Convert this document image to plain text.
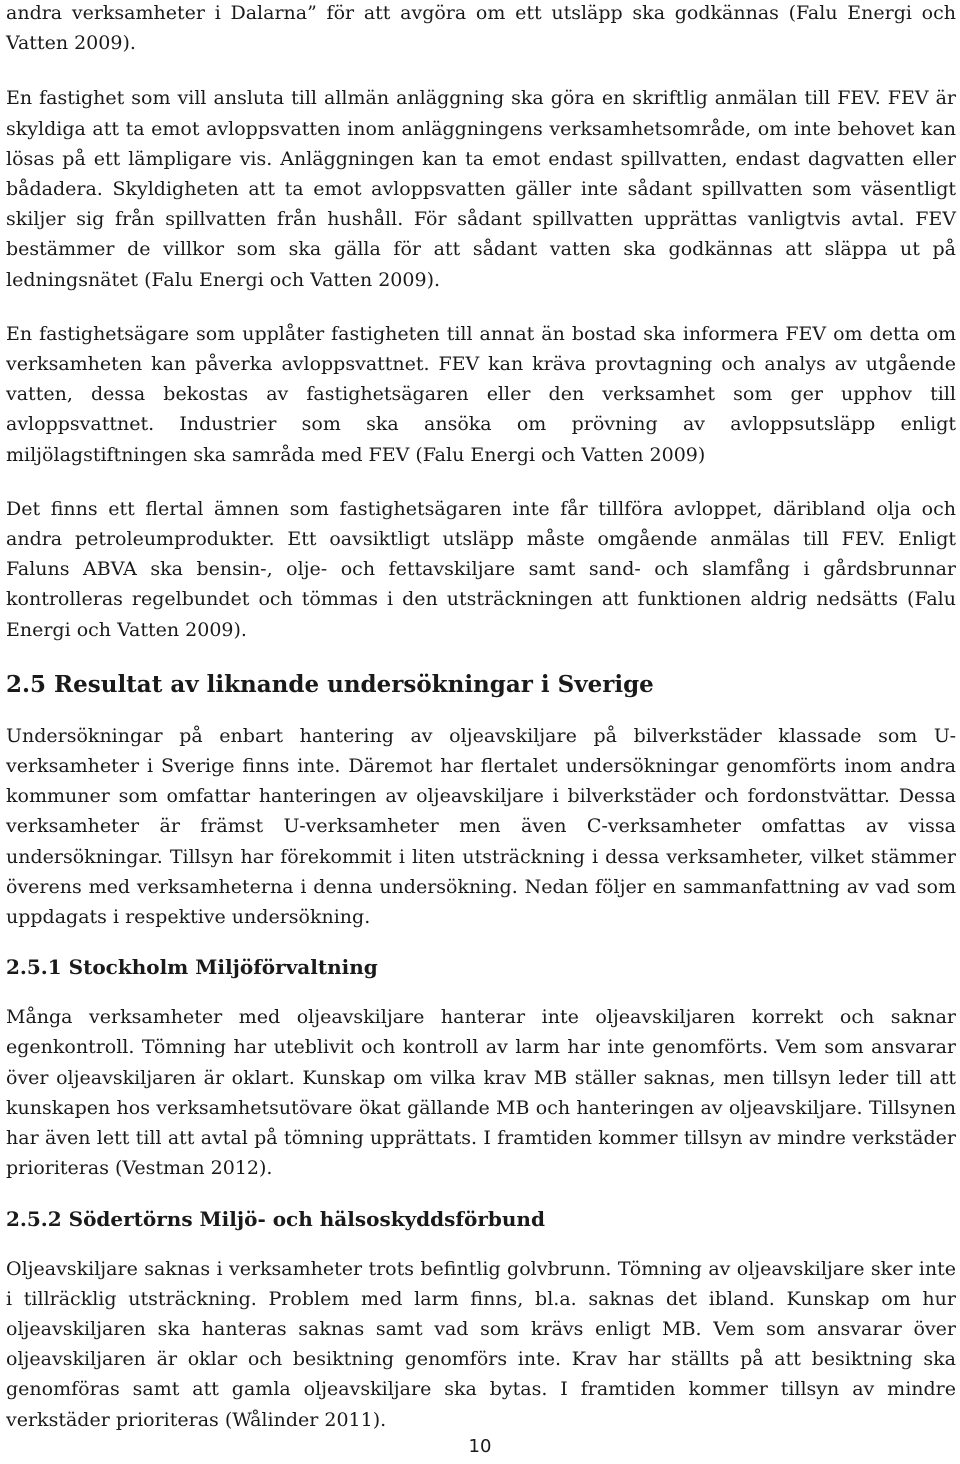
andra verksamheter i Dalarna” för att avgöra om ett utsläpp ska godkännas (Falu Energi och Vatten 2009).

En fastighet som vill ansluta till allmän anläggning ska göra en skriftlig anmälan till FEV. FEV är skyldiga att ta emot avloppsvatten inom anläggningens verksamhetsområde, om inte behovet kan lösas på ett lämpligare vis. Anläggningen kan ta emot endast spillvatten, endast dagvatten eller bådadera. Skyldigheten att ta emot avloppsvatten gäller inte sådant spillvatten som väsentligt skiljer sig från spillvatten från hushåll. För sådant spillvatten upprättas vanligtvis avtal. FEV bestämmer de villkor som ska gälla för att sådant vatten ska godkännas att släppa ut på ledningsnätet (Falu Energi och Vatten 2009).

En fastighetsägare som upplåter fastigheten till annat än bostad ska informera FEV om detta om verksamheten kan påverka avloppsvattnet. FEV kan kräva provtagning och analys av utgående vatten, dessa bekostas av fastighetsägaren eller den verksamhet som ger upphov till avloppsvattnet. Industrier som ska ansöka om prövning av avloppsutsläpp enligt miljölagstiftningen ska samråda med FEV (Falu Energi och Vatten 2009)

Det finns ett flertal ämnen som fastighetsägaren inte får tillföra avloppet, däribland olja och andra petroleumprodukter. Ett oavsiktligt utsläpp måste omgående anmälas till FEV. Enligt Faluns ABVA ska bensin-, olje- och fettavskiljare samt sand- och slamfång i gårdsbrunnar kontrolleras regelbundet och tömmas i den utsträckningen att funktionen aldrig nedsätts (Falu Energi och Vatten 2009).

2.5 Resultat av liknande undersökningar i Sverige

Undersökningar på enbart hantering av oljeavskiljare på bilverkstäder klassade som U-verksamheter i Sverige finns inte. Däremot har flertalet undersökningar genomförts inom andra kommuner som omfattar hanteringen av oljeavskiljare i bilverkstäder och fordonstvättar. Dessa verksamheter är främst U-verksamheter men även C-verksamheter omfattas av vissa undersökningar. Tillsyn har förekommit i liten utsträckning i dessa verksamheter, vilket stämmer överens med verksamheterna i denna undersökning. Nedan följer en sammanfattning av vad som uppdagats i respektive undersökning.

2.5.1 Stockholm Miljöförvaltning

Många verksamheter med oljeavskiljare hanterar inte oljeavskiljaren korrekt och saknar egenkontroll. Tömning har uteblivit och kontroll av larm har inte genomförts. Vem som ansvarar över oljeavskiljaren är oklart. Kunskap om vilka krav MB ställer saknas, men tillsyn leder till att kunskapen hos verksamhetsutövare ökat gällande MB och hanteringen av oljeavskiljare. Tillsynen har även lett till att avtal på tömning upprättats. I framtiden kommer tillsyn av mindre verkstäder prioriteras (Vestman 2012).

2.5.2 Södertörns Miljö- och hälsoskyddsförbund

Oljeavskiljare saknas i verksamheter trots befintlig golvbrunn. Tömning av oljeavskiljare sker inte i tillräcklig utsträckning. Problem med larm finns, bl.a. saknas det ibland. Kunskap om hur oljeavskiljaren ska hanteras saknas samt vad som krävs enligt MB. Vem som ansvarar över oljeavskiljaren är oklar och besiktning genomförs inte. Krav har ställts på att besiktning ska genomföras samt att gamla oljeavskiljare ska bytas. I framtiden kommer tillsyn av mindre verkstäder prioriteras (Wålinder 2011).

10
